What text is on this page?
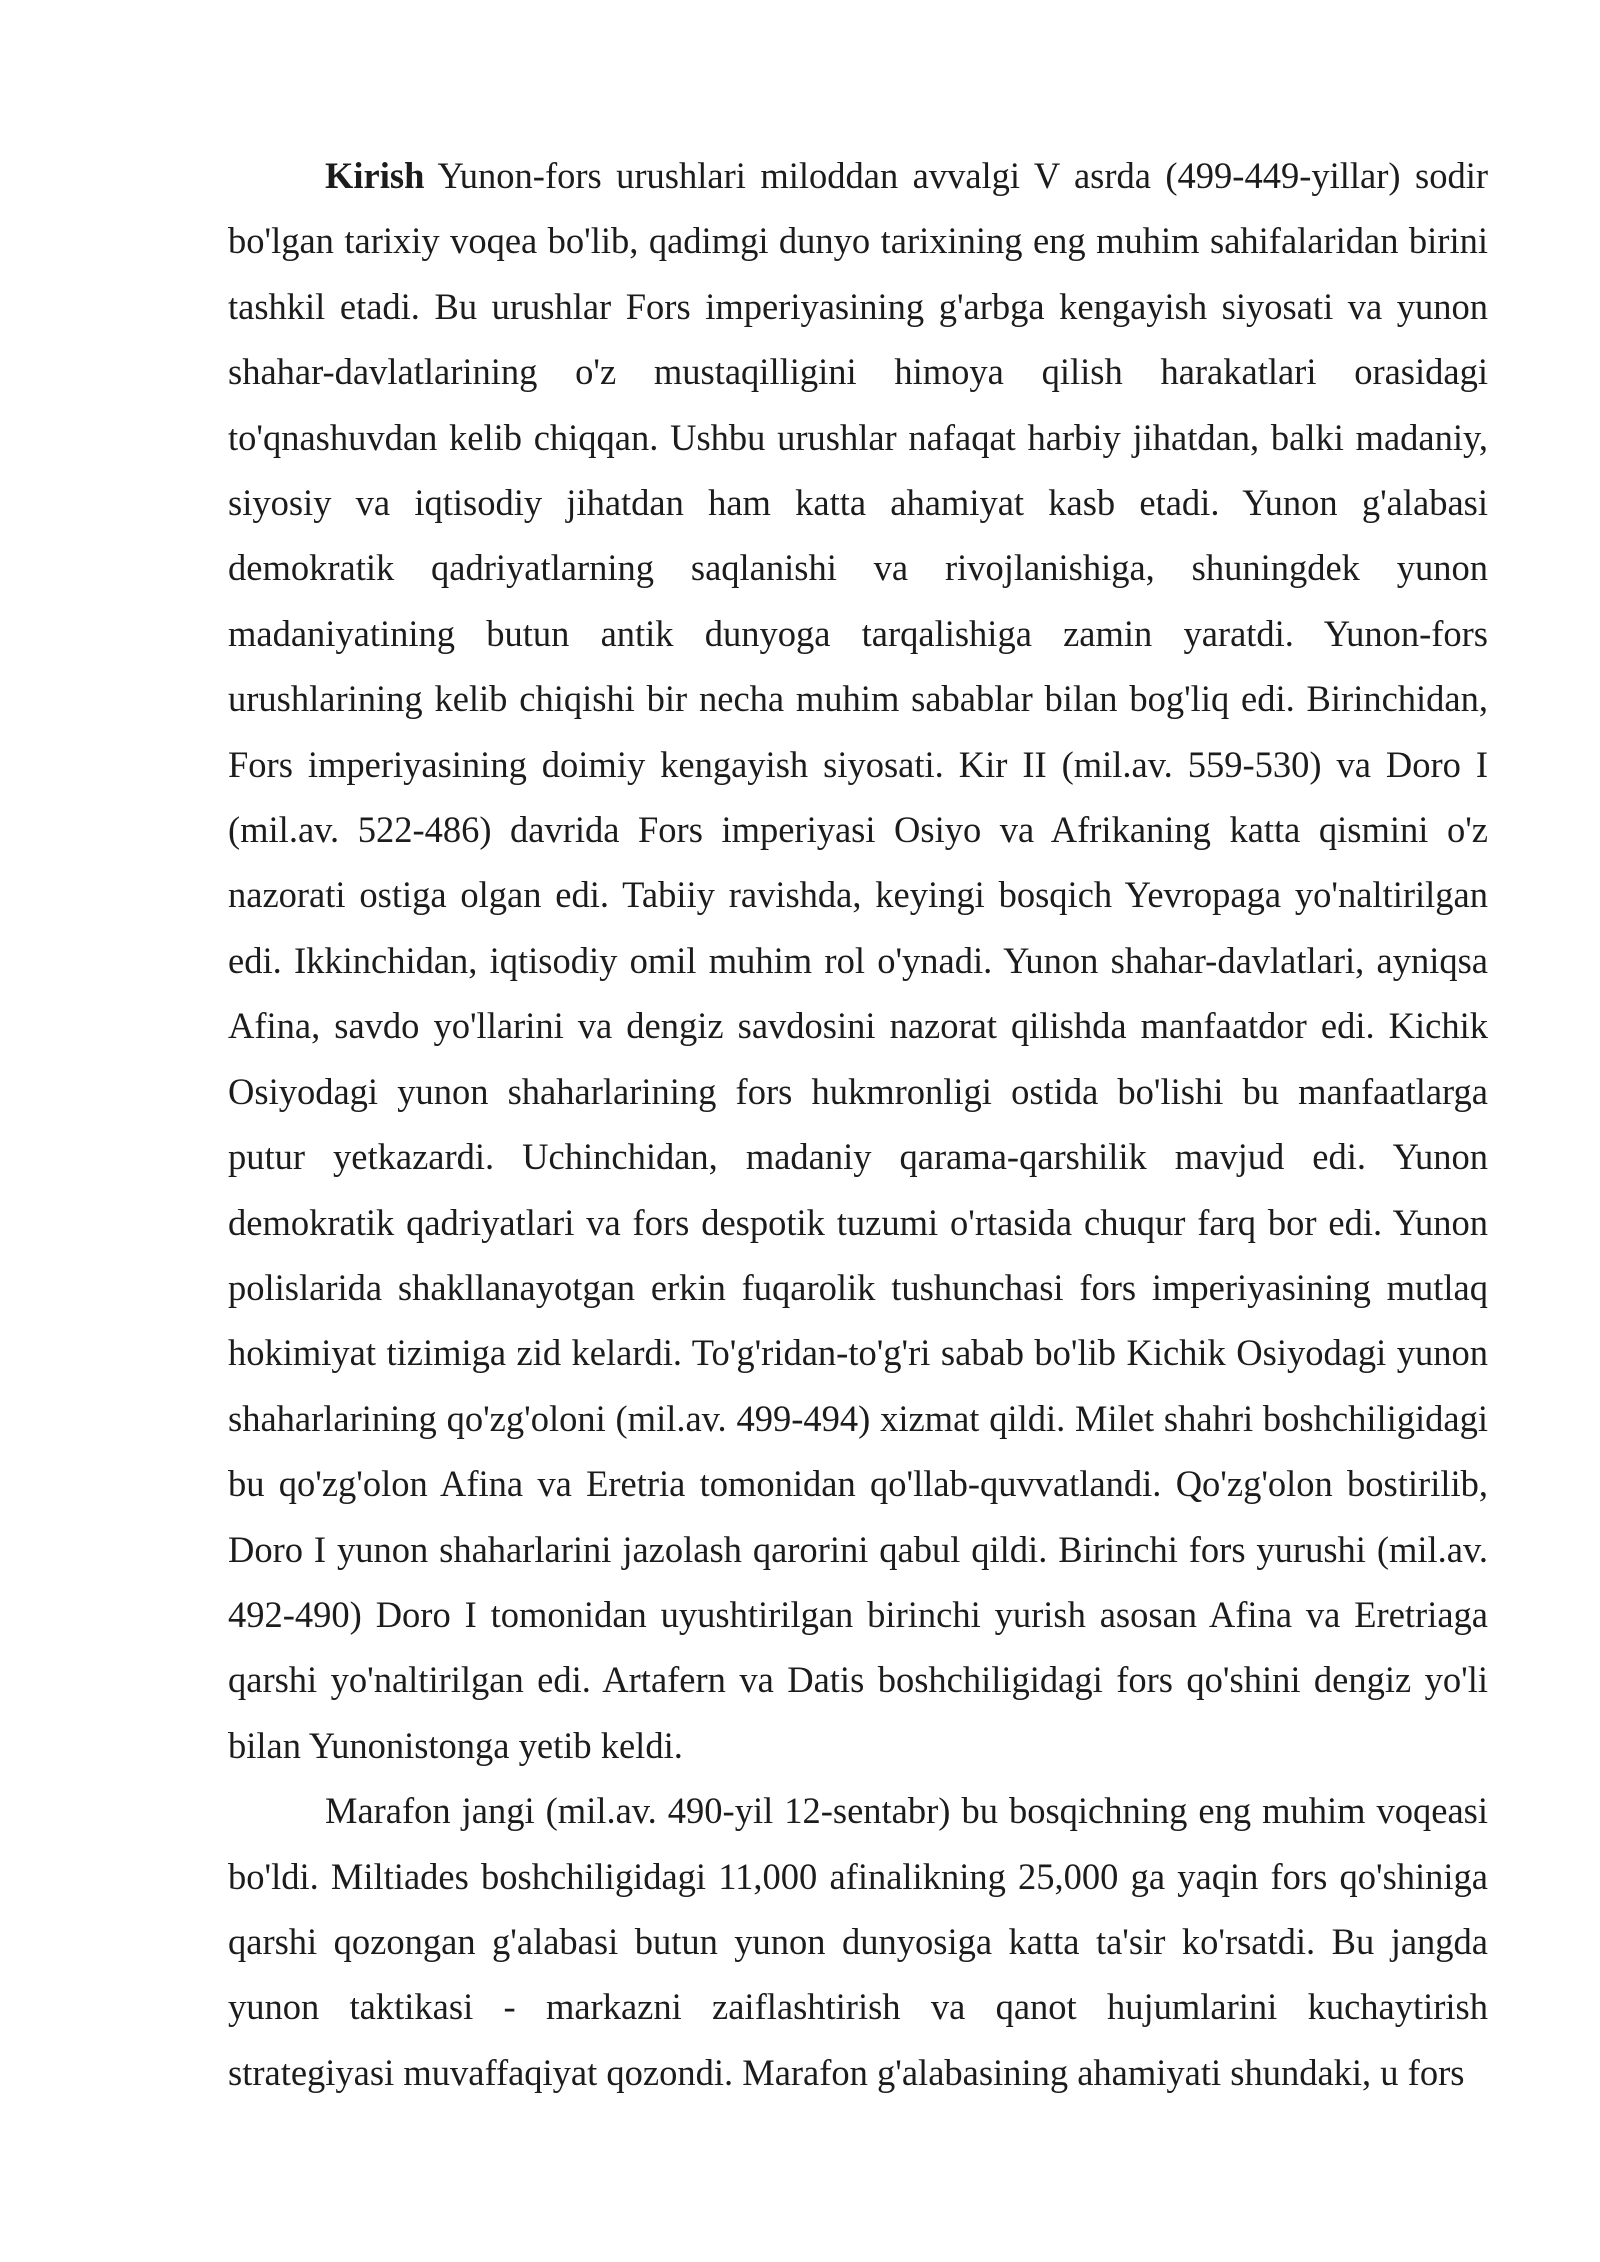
Kirish Yunon-fors urushlari miloddan avvalgi V asrda (499-449-yillar) sodir bo'lgan tarixiy voqea bo'lib, qadimgi dunyo tarixining eng muhim sahifalaridan birini tashkil etadi. Bu urushlar Fors imperiyasining g'arbga kengayish siyosati va yunon shahar-davlatlarining o'z mustaqilligini himoya qilish harakatlari orasidagi to'qnashuvdan kelib chiqqan. Ushbu urushlar nafaqat harbiy jihatdan, balki madaniy, siyosiy va iqtisodiy jihatdan ham katta ahamiyat kasb etadi. Yunon g'alabasi demokratik qadriyatlarning saqlanishi va rivojlanishiga, shuningdek yunon madaniyatining butun antik dunyoga tarqalishiga zamin yaratdi. Yunon-fors urushlarining kelib chiqishi bir necha muhim sabablar bilan bog'liq edi. Birinchidan, Fors imperiyasining doimiy kengayish siyosati. Kir II (mil.av. 559-530) va Doro I (mil.av. 522-486) davrida Fors imperiyasi Osiyo va Afrikaning katta qismini o'z nazorati ostiga olgan edi. Tabiiy ravishda, keyingi bosqich Yevropaga yo'naltirilgan edi. Ikkinchidan, iqtisodiy omil muhim rol o'ynadi. Yunon shahar-davlatlari, ayniqsa Afina, savdo yo'llarini va dengiz savdosini nazorat qilishda manfaatdor edi. Kichik Osiyodagi yunon shaharlarining fors hukmronligi ostida bo'lishi bu manfaatlarga putur yetkazardi. Uchinchidan, madaniy qarama-qarshilik mavjud edi. Yunon demokratik qadriyatlari va fors despotik tuzumi o'rtasida chuqur farq bor edi. Yunon polislarida shakllanayotgan erkin fuqarolik tushunchasi fors imperiyasining mutlaq hokimiyat tizimiga zid kelardi. To'g'ridan-to'g'ri sabab bo'lib Kichik Osiyodagi yunon shaharlarining qo'zg'oloni (mil.av. 499-494) xizmat qildi. Milet shahri boshchiligidagi bu qo'zg'olon Afina va Eretria tomonidan qo'llab-quvvatlandi. Qo'zg'olon bostirilib, Doro I yunon shaharlarini jazolash qarorini qabul qildi. Birinchi fors yurushi (mil.av. 492-490) Doro I tomonidan uyushtirilgan birinchi yurish asosan Afina va Eretriaga qarshi yo'naltirilgan edi. Artafern va Datis boshchiligidagi fors qo'shini dengiz yo'li bilan Yunonistonga yetib keldi.

Marafon jangi (mil.av. 490-yil 12-sentabr) bu bosqichning eng muhim voqeasi bo'ldi. Miltiades boshchiligidagi 11,000 afinalikning 25,000 ga yaqin fors qo'shiniga qarshi qozongan g'alabasi butun yunon dunyosiga katta ta'sir ko'rsatdi. Bu jangda yunon taktikasi - markazni zaiflashtirish va qanot hujumlarini kuchaytirish strategiyasi muvaffaqiyat qozondi. Marafon g'alabasining ahamiyati shundaki, u fors
